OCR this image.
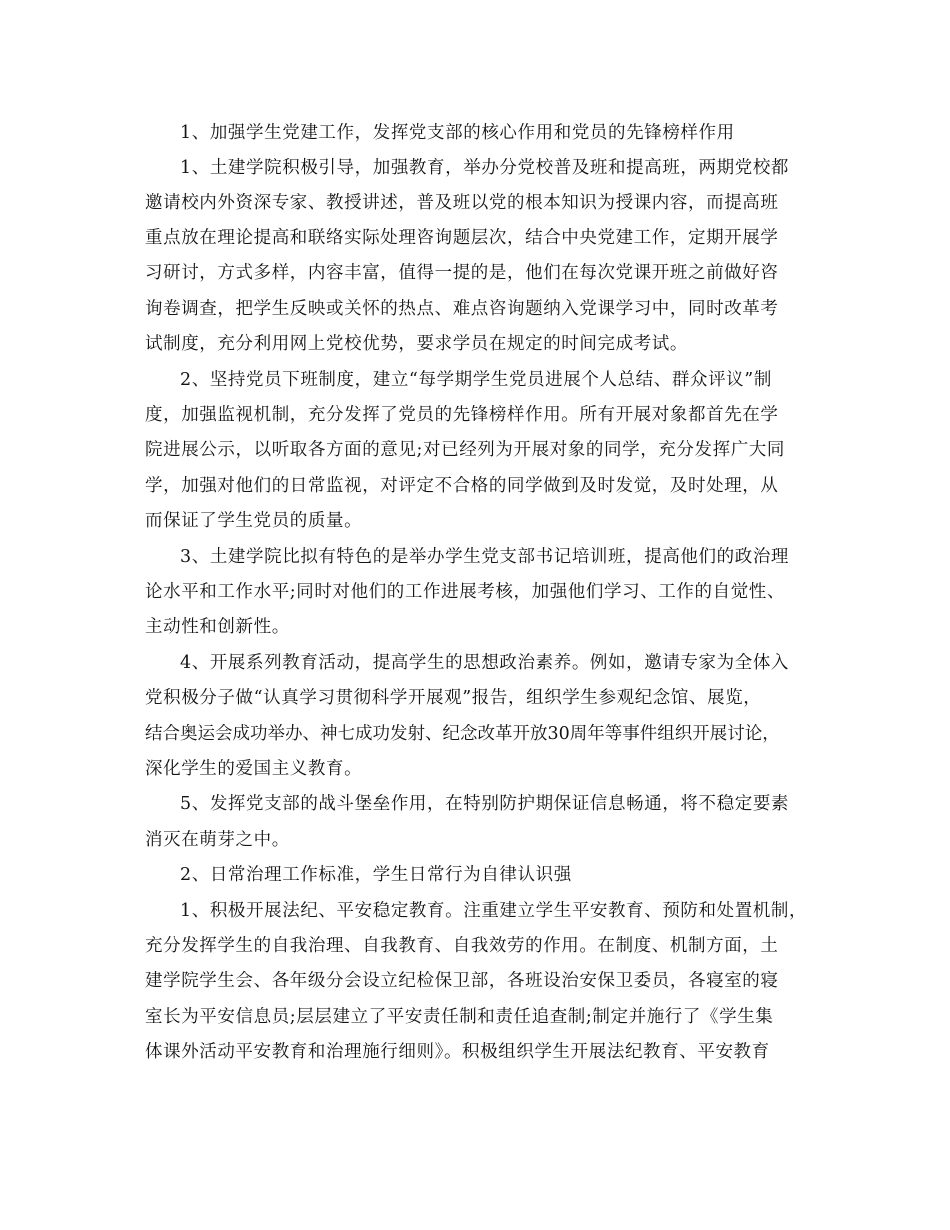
1、加强学生党建工作，发挥党支部的核心作用和党员的先锋榜样作用
1、土建学院积极引导，加强教育，举办分党校普及班和提高班，两期党校都
邀请校内外资深专家、教授讲述，普及班以党的根本知识为授课内容，而提高班
重点放在理论提高和联络实际处理咨询题层次，结合中央党建工作，定期开展学
习研讨，方式多样，内容丰富，值得一提的是，他们在每次党课开班之前做好咨
询卷调查，把学生反映或关怀的热点、难点咨询题纳入党课学习中，同时改革考
试制度，充分利用网上党校优势，要求学员在规定的时间完成考试。
2、坚持党员下班制度，建立“每学期学生党员进展个人总结、群众评议”制
度，加强监视机制，充分发挥了党员的先锋榜样作用。所有开展对象都首先在学
院进展公示，以听取各方面的意见;对已经列为开展对象的同学，充分发挥广大同
学，加强对他们的日常监视，对评定不合格的同学做到及时发觉，及时处理，从
而保证了学生党员的质量。
3、土建学院比拟有特色的是举办学生党支部书记培训班，提高他们的政治理
论水平和工作水平;同时对他们的工作进展考核，加强他们学习、工作的自觉性、
主动性和创新性。
4、开展系列教育活动，提高学生的思想政治素养。例如，邀请专家为全体入
党积极分子做“认真学习贯彻科学开展观”报告，组织学生参观纪念馆、展览，
结合奥运会成功举办、神七成功发射、纪念改革开放30周年等事件组织开展讨论，
深化学生的爱国主义教育。
5、发挥党支部的战斗堡垒作用，在特别防护期保证信息畅通，将不稳定要素
消灭在萌芽之中。
2、日常治理工作标准，学生日常行为自律认识强
1、积极开展法纪、平安稳定教育。注重建立学生平安教育、预防和处置机制，
充分发挥学生的自我治理、自我教育、自我效劳的作用。在制度、机制方面，土
建学院学生会、各年级分会设立纪检保卫部，各班设治安保卫委员，各寝室的寝
室长为平安信息员;层层建立了平安责任制和责任追查制;制定并施行了《学生集
体课外活动平安教育和治理施行细则》。积极组织学生开展法纪教育、平安教育
